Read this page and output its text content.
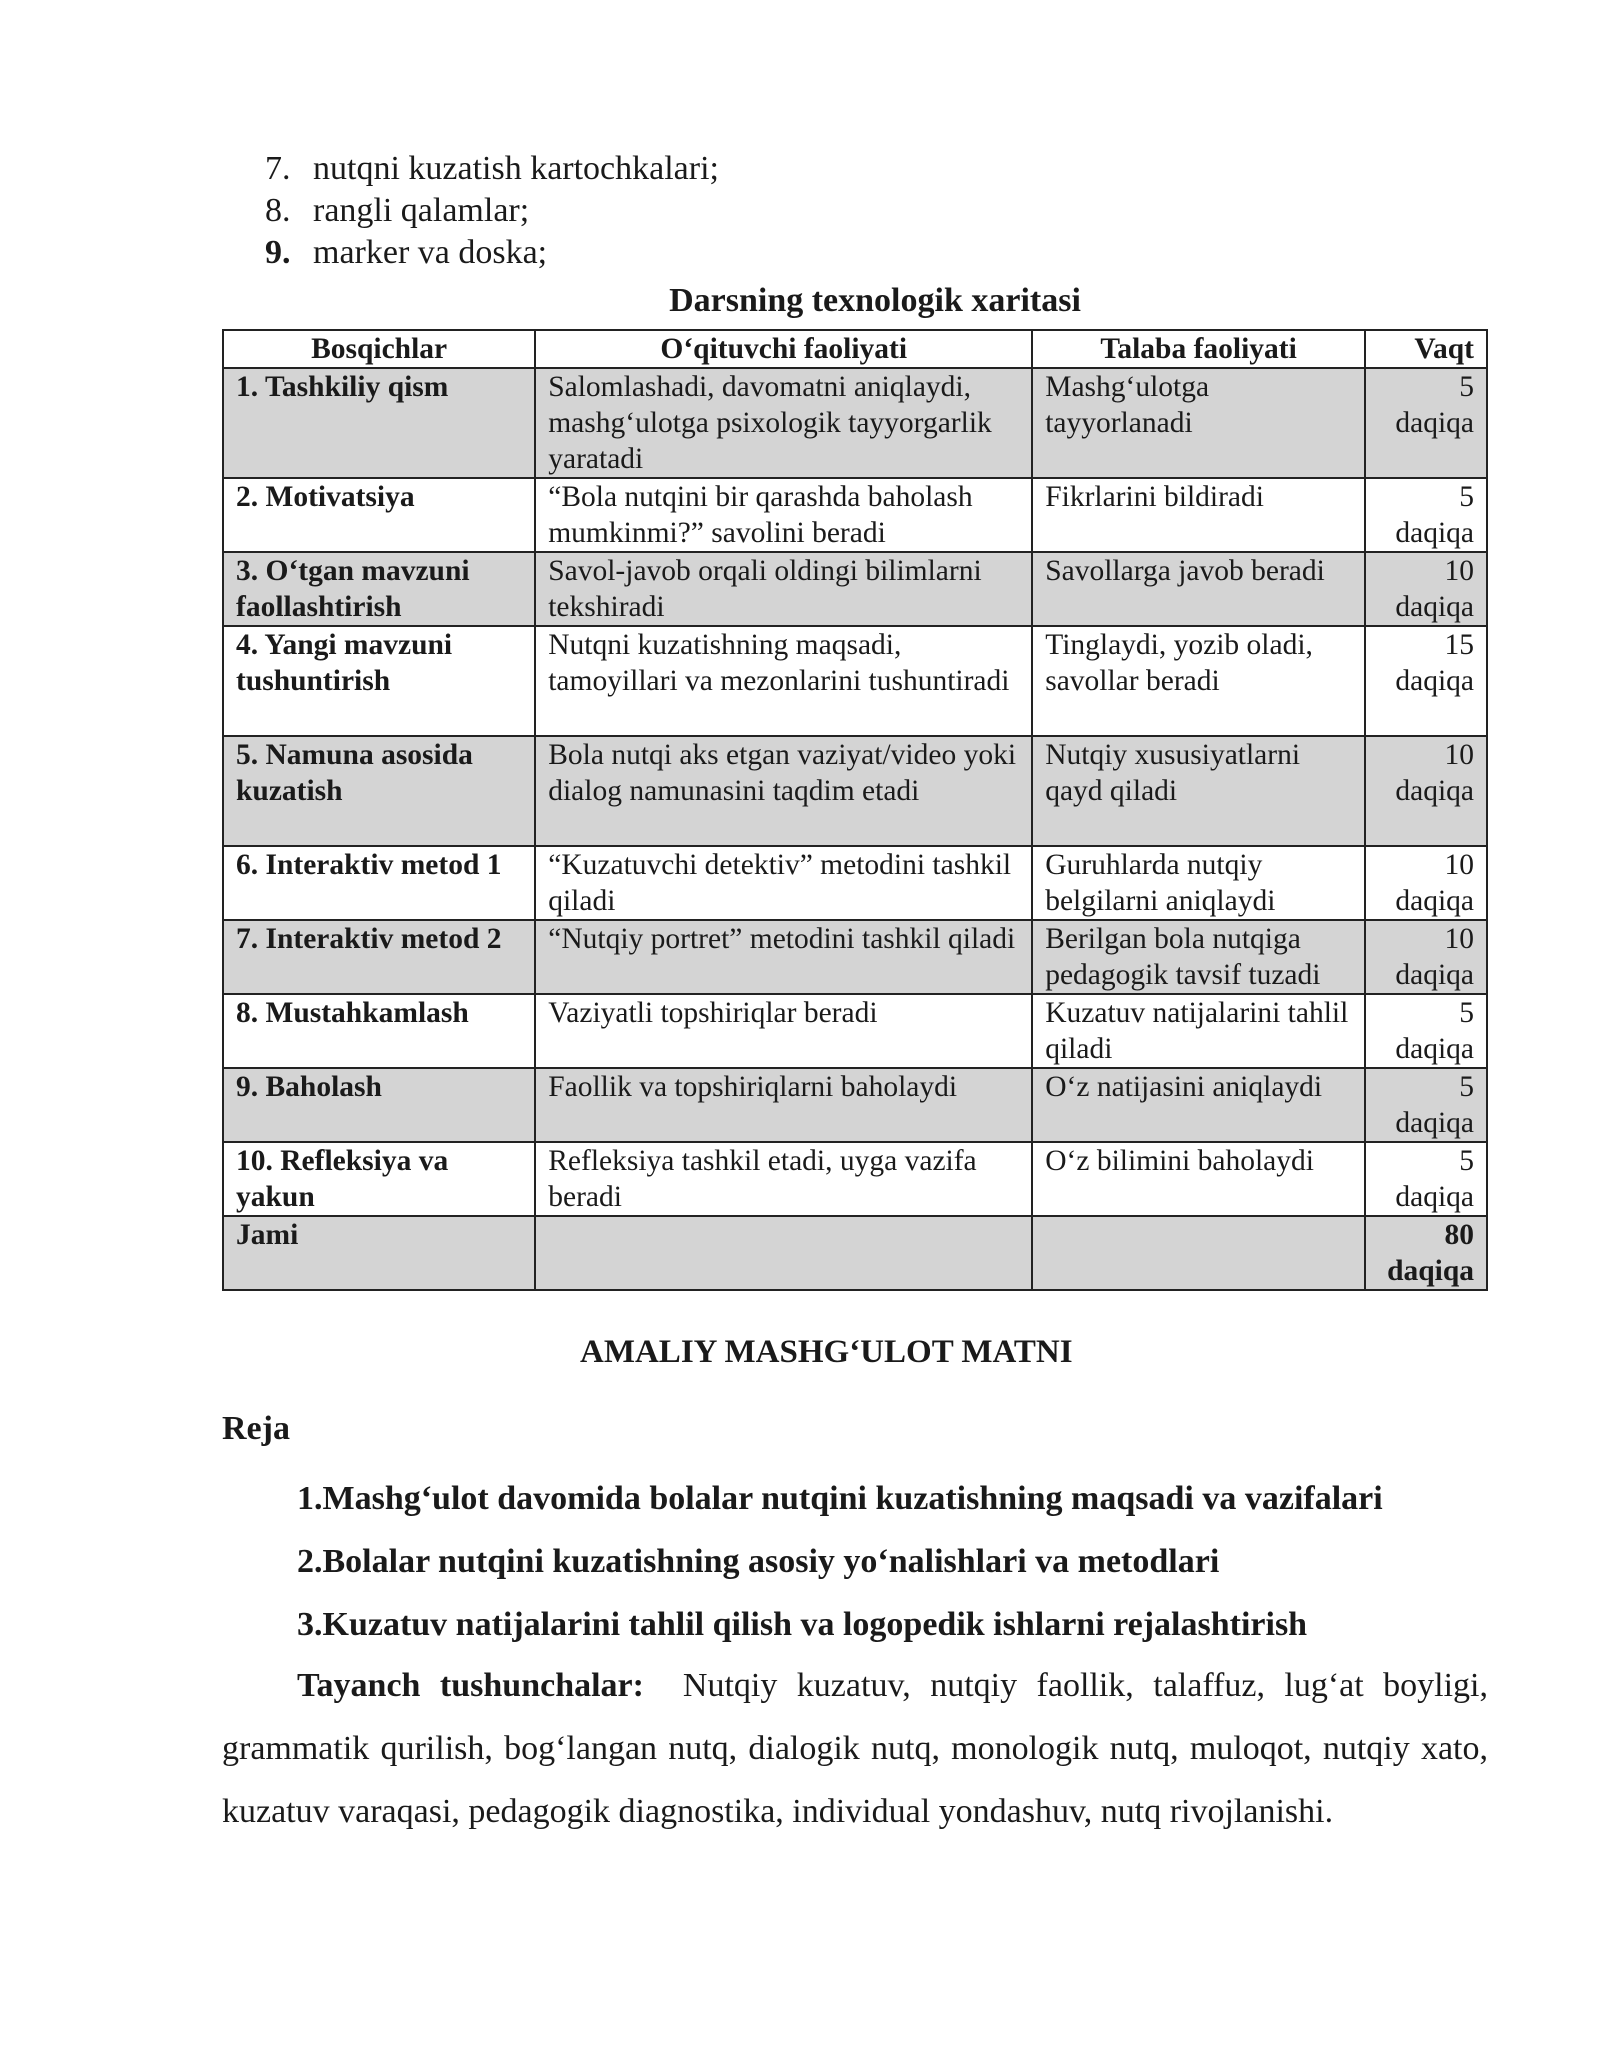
7. nutqni kuzatish kartochkalari;
8. rangli qalamlar;
9. marker va doska;
Darsning texnologik xaritasi
Bosqichlar	O‘qituvchi faoliyati	Talaba faoliyati	Vaqt
1. Tashkiliy qism	Salomlashadi, davomatni aniqlaydi, mashg‘ulotga psixologik tayyorgarlik yaratadi	Mashg‘ulotga tayyorlanadi	5 daqiqa
2. Motivatsiya	“Bola nutqini bir qarashda baholash mumkinmi?” savolini beradi	Fikrlarini bildiradi	5 daqiqa
3. O‘tgan mavzuni faollashtirish	Savol-javob orqali oldingi bilimlarni tekshiradi	Savollarga javob beradi	10 daqiqa
4. Yangi mavzuni tushuntirish	Nutqni kuzatishning maqsadi, tamoyillari va mezonlarini tushuntiradi	Tinglaydi, yozib oladi, savollar beradi	15 daqiqa
5. Namuna asosida kuzatish	Bola nutqi aks etgan vaziyat/video yoki dialog namunasini taqdim etadi	Nutqiy xususiyatlarni qayd qiladi	10 daqiqa
6. Interaktiv metod 1	“Kuzatuvchi detektiv” metodini tashkil qiladi	Guruhlarda nutqiy belgilarni aniqlaydi	10 daqiqa
7. Interaktiv metod 2	“Nutqiy portret” metodini tashkil qiladi	Berilgan bola nutqiga pedagogik tavsif tuzadi	10 daqiqa
8. Mustahkamlash	Vaziyatli topshiriqlar beradi	Kuzatuv natijalarini tahlil qiladi	5 daqiqa
9. Baholash	Faollik va topshiriqlarni baholaydi	O‘z natijasini aniqlaydi	5 daqiqa
10. Refleksiya va yakun	Refleksiya tashkil etadi, uyga vazifa beradi	O‘z bilimini baholaydi	5 daqiqa
Jami			80 daqiqa
AMALIY MASHG‘ULOT MATNI
Reja
1.Mashg‘ulot davomida bolalar nutqini kuzatishning maqsadi va vazifalari
2.Bolalar nutqini kuzatishning asosiy yo‘nalishlari va metodlari
3.Kuzatuv natijalarini tahlil qilish va logopedik ishlarni rejalashtirish
Tayanch tushunchalar: Nutqiy kuzatuv, nutqiy faollik, talaffuz, lug‘at boyligi, grammatik qurilish, bog‘langan nutq, dialogik nutq, monologik nutq, muloqot, nutqiy xato, kuzatuv varaqasi, pedagogik diagnostika, individual yondashuv, nutq rivojlanishi.
